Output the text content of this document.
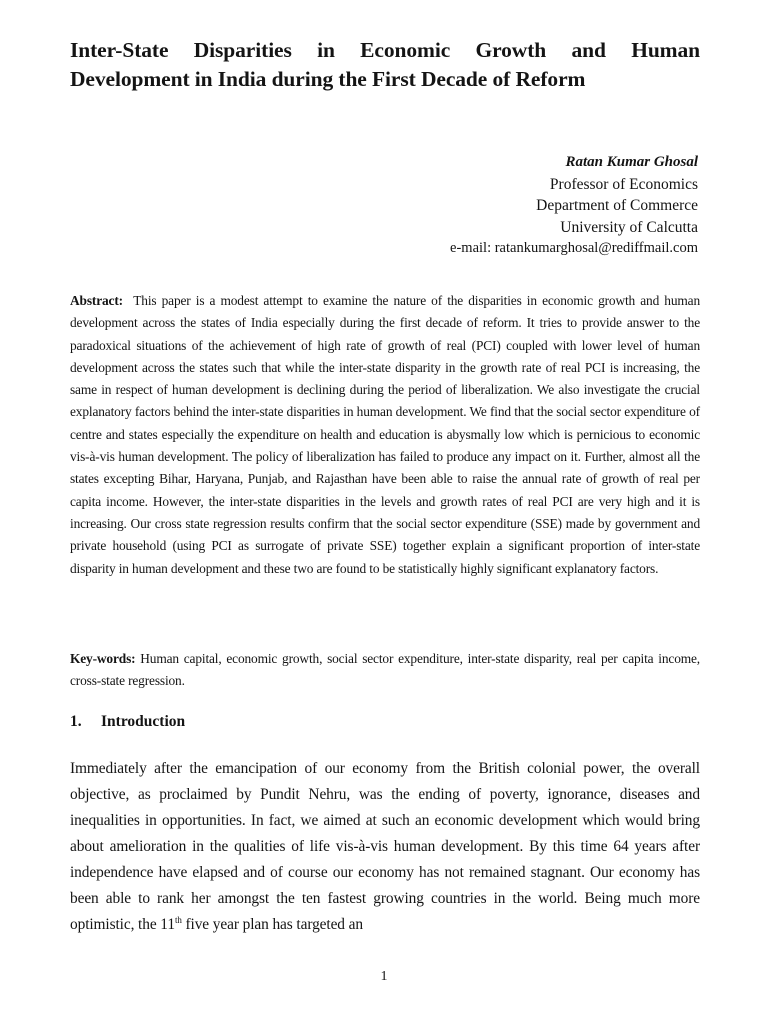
Inter-State Disparities in Economic Growth and Human
Development in India during the First Decade of Reform
Ratan Kumar Ghosal
Professor of Economics
Department of Commerce
University of Calcutta
e-mail: ratankumarghosal@rediffmail.com
Abstract: This paper is a modest attempt to examine the nature of the disparities in economic growth and human development across the states of India especially during the first decade of reform. It tries to provide answer to the paradoxical situations of the achievement of high rate of growth of real (PCI) coupled with lower level of human development across the states such that while the inter-state disparity in the growth rate of real PCI is increasing, the same in respect of human development is declining during the period of liberalization. We also investigate the crucial explanatory factors behind the inter-state disparities in human development. We find that the social sector expenditure of centre and states especially the expenditure on health and education is abysmally low which is pernicious to economic vis-à-vis human development. The policy of liberalization has failed to produce any impact on it. Further, almost all the states excepting Bihar, Haryana, Punjab, and Rajasthan have been able to raise the annual rate of growth of real per capita income. However, the inter-state disparities in the levels and growth rates of real PCI are very high and it is increasing. Our cross state regression results confirm that the social sector expenditure (SSE) made by government and private household (using PCI as surrogate of private SSE) together explain a significant proportion of inter-state disparity in human development and these two are found to be statistically highly significant explanatory factors.
Key-words: Human capital, economic growth, social sector expenditure, inter-state disparity, real per capita income, cross-state regression.
1. Introduction
Immediately after the emancipation of our economy from the British colonial power, the overall objective, as proclaimed by Pundit Nehru, was the ending of poverty, ignorance, diseases and inequalities in opportunities. In fact, we aimed at such an economic development which would bring about amelioration in the qualities of life vis-à-vis human development. By this time 64 years after independence have elapsed and of course our economy has not remained stagnant. Our economy has been able to rank her amongst the ten fastest growing countries in the world. Being much more optimistic, the 11th five year plan has targeted an
1
